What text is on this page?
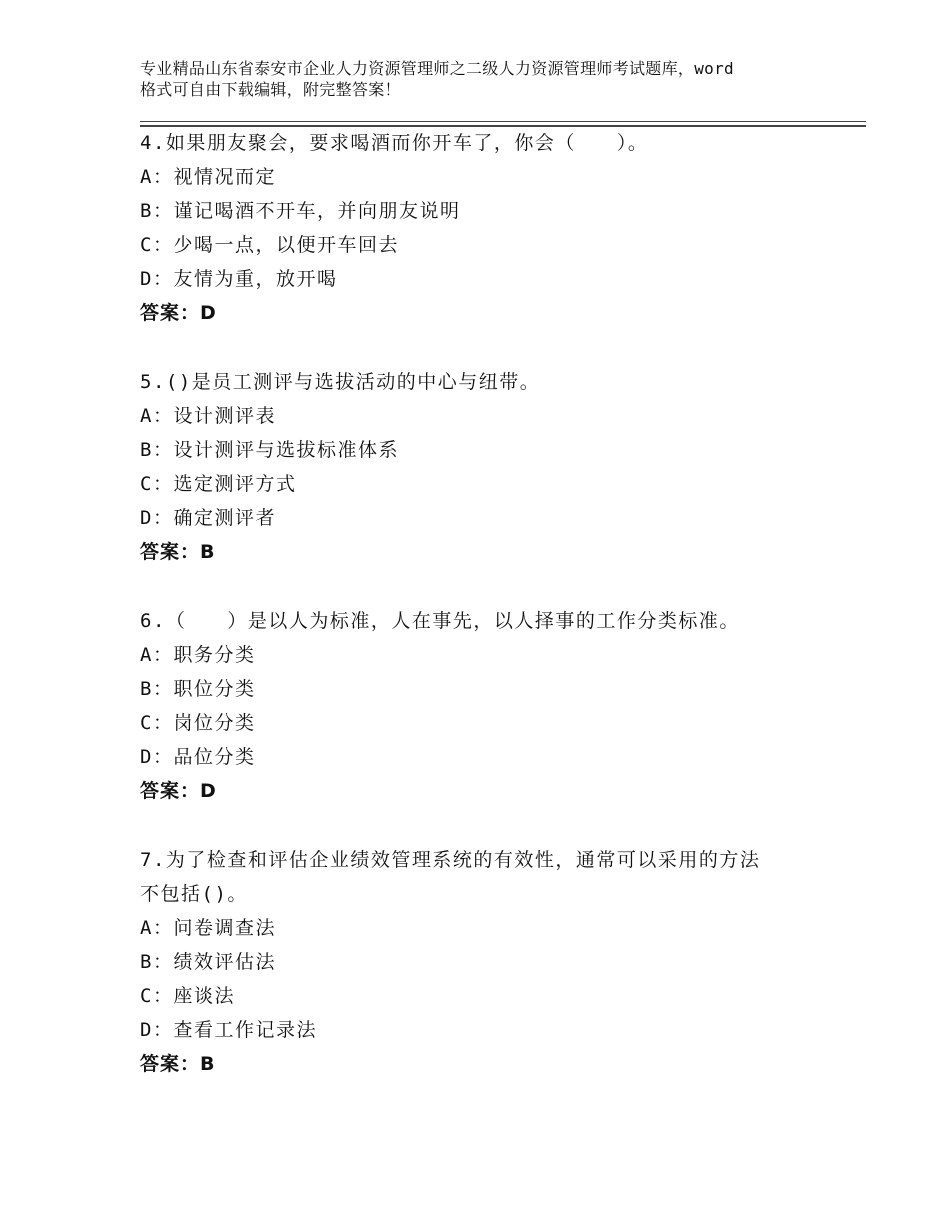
专业精品山东省泰安市企业人力资源管理师之二级人力资源管理师考试题库，word
格式可自由下载编辑，附完整答案！
4.如果朋友聚会，要求喝酒而你开车了，你会（　　）。
A：视情况而定
B：谨记喝酒不开车，并向朋友说明
C：少喝一点，以便开车回去
D：友情为重，放开喝
答案：D
5.()是员工测评与选拔活动的中心与纽带。
A：设计测评表
B：设计测评与选拔标准体系
C：选定测评方式
D：确定测评者
答案：B
6.（　　）是以人为标准，人在事先，以人择事的工作分类标准。
A：职务分类
B：职位分类
C：岗位分类
D：品位分类
答案：D
7.为了检查和评估企业绩效管理系统的有效性，通常可以采用的方法
不包括()。
A：问卷调查法
B：绩效评估法
C：座谈法
D：查看工作记录法
答案：B
